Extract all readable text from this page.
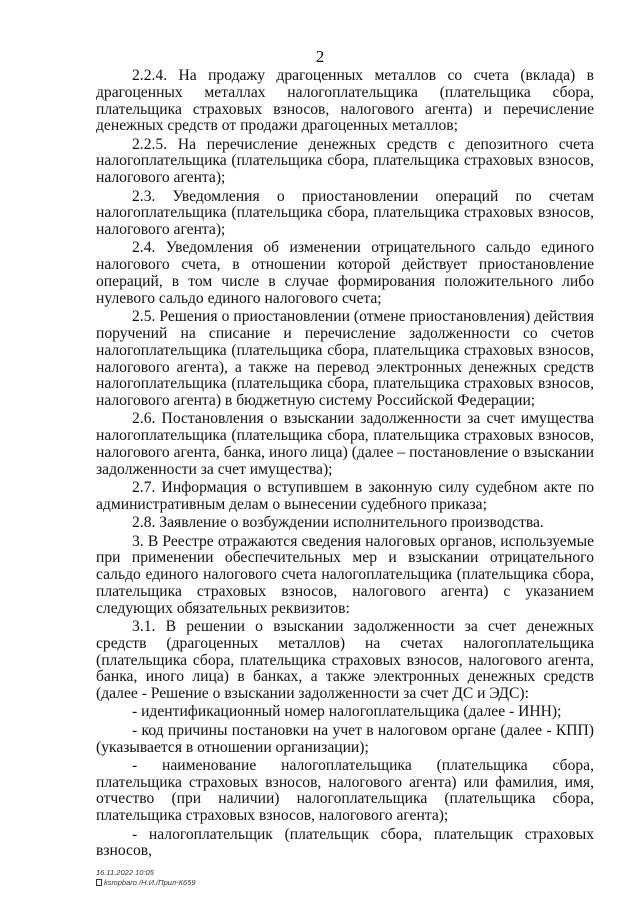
2

2.2.4. На продажу драгоценных металлов со счета (вклада) в драгоценных металлах налогоплательщика (плательщика сбора, плательщика страховых взносов, налогового агента) и перечисление денежных средств от продажи драгоценных металлов;

2.2.5. На перечисление денежных средств с депозитного счета налогоплательщика (плательщика сбора, плательщика страховых взносов, налогового агента);

2.3. Уведомления о приостановлении операций по счетам налогоплательщика (плательщика сбора, плательщика страховых взносов, налогового агента);

2.4. Уведомления об изменении отрицательного сальдо единого налогового счета, в отношении которой действует приостановление операций, в том числе в случае формирования положительного либо нулевого сальдо единого налогового счета;

2.5. Решения о приостановлении (отмене приостановления) действия поручений на списание и перечисление задолженности со счетов налогоплательщика (плательщика сбора, плательщика страховых взносов, налогового агента), а также на перевод электронных денежных средств налогоплательщика (плательщика сбора, плательщика страховых взносов, налогового агента) в бюджетную систему Российской Федерации;

2.6. Постановления о взыскании задолженности за счет имущества налогоплательщика (плательщика сбора, плательщика страховых взносов, налогового агента, банка, иного лица) (далее – постановление о взыскании задолженности за счет имущества);

2.7. Информация о вступившем в законную силу судебном акте по административным делам о вынесении судебного приказа;

2.8. Заявление о возбуждении исполнительного производства.

3. В Реестре отражаются сведения налоговых органов, используемые при применении обеспечительных мер и взыскании отрицательного сальдо единого налогового счета налогоплательщика (плательщика сбора, плательщика страховых взносов, налогового агента) с указанием следующих обязательных реквизитов:

3.1. В решении о взыскании задолженности за счет денежных средств (драгоценных металлов) на счетах налогоплательщика (плательщика сбора, плательщика страховых взносов, налогового агента, банка, иного лица) в банках, а также электронных денежных средств (далее - Решение о взыскании задолженности за счет ДС и ЭДС):

- идентификационный номер налогоплательщика (далее - ИНН);

- код причины постановки на учет в налоговом органе (далее - КПП) (указывается в отношении организации);

- наименование налогоплательщика (плательщика сбора, плательщика страховых взносов, налогового агента) или фамилия, имя, отчество (при наличии) налогоплательщика (плательщика сбора, плательщика страховых взносов, налогового агента);

- налогоплательщик (плательщик сбора, плательщик страховых взносов,

16.11.2022 10:05
ksmpbaro /Н.И./Прил-К659
